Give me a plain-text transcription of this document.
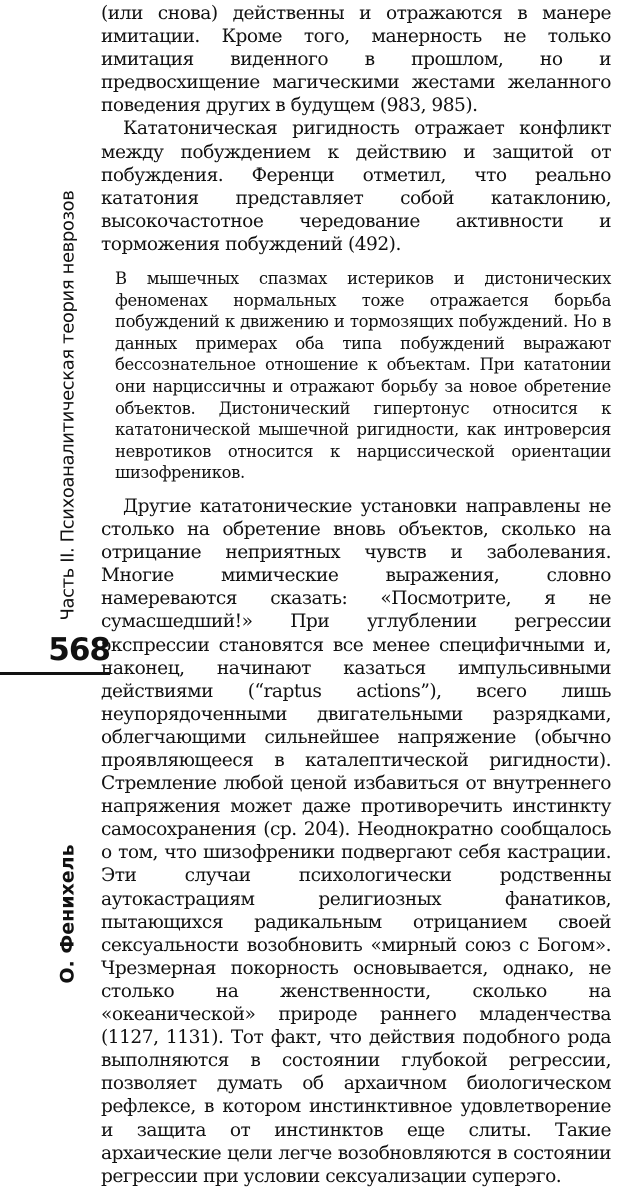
Часть II. Психоаналитическая теория неврозов
568
О. Фенихель

(или снова) действенны и отражаются в манере имитации. Кроме того, манерность не только имитация виденного в прошлом, но и предвосхищение магическими жестами желанного поведения других в будущем (983, 985).

Кататоническая ригидность отражает конфликт между побуждением к действию и защитой от побуждения. Ференци отметил, что реально кататония представляет собой катаклонию, высокочастотное чередование активности и торможения побуждений (492).

В мышечных спазмах истериков и дистонических феноменах нормальных тоже отражается борьба побуждений к движению и тормозящих побуждений. Но в данных примерах оба типа побуждений выражают бессознательное отношение к объектам. При кататонии они нарциссичны и отражают борьбу за новое обретение объектов. Дистонический гипертонус относится к кататонической мышечной ригидности, как интроверсия невротиков относится к нарциссической ориентации шизофреников.

Другие кататонические установки направлены не столько на обретение вновь объектов, сколько на отрицание неприятных чувств и заболевания. Многие мимические выражения, словно намереваются сказать: «Посмотрите, я не сумасшедший!» При углублении регрессии экспрессии становятся все менее специфичными и, наконец, начинают казаться импульсивными действиями (“raptus actions”), всего лишь неупорядоченными двигательными разрядками, облегчающими сильнейшее напряжение (обычно проявляющееся в каталептической ригидности). Стремление любой ценой избавиться от внутреннего напряжения может даже противоречить инстинкту самосохранения (ср. 204). Неоднократно сообщалось о том, что шизофреники подвергают себя кастрации. Эти случаи психологически родственны аутокастрациям религиозных фанатиков, пытающихся радикальным отрицанием своей сексуальности возобновить «мирный союз с Богом». Чрезмерная покорность основывается, однако, не столько на женственности, сколько на «океанической» природе раннего младенчества (1127, 1131). Тот факт, что действия подобного рода выполняются в состоянии глубокой регрессии, позволяет думать об архаичном биологическом рефлексе, в котором инстинктивное удовлетворение и защита от инстинктов еще слиты. Такие архаические цели легче возобновляются в состоянии регрессии при условии сексуализации суперэго.
